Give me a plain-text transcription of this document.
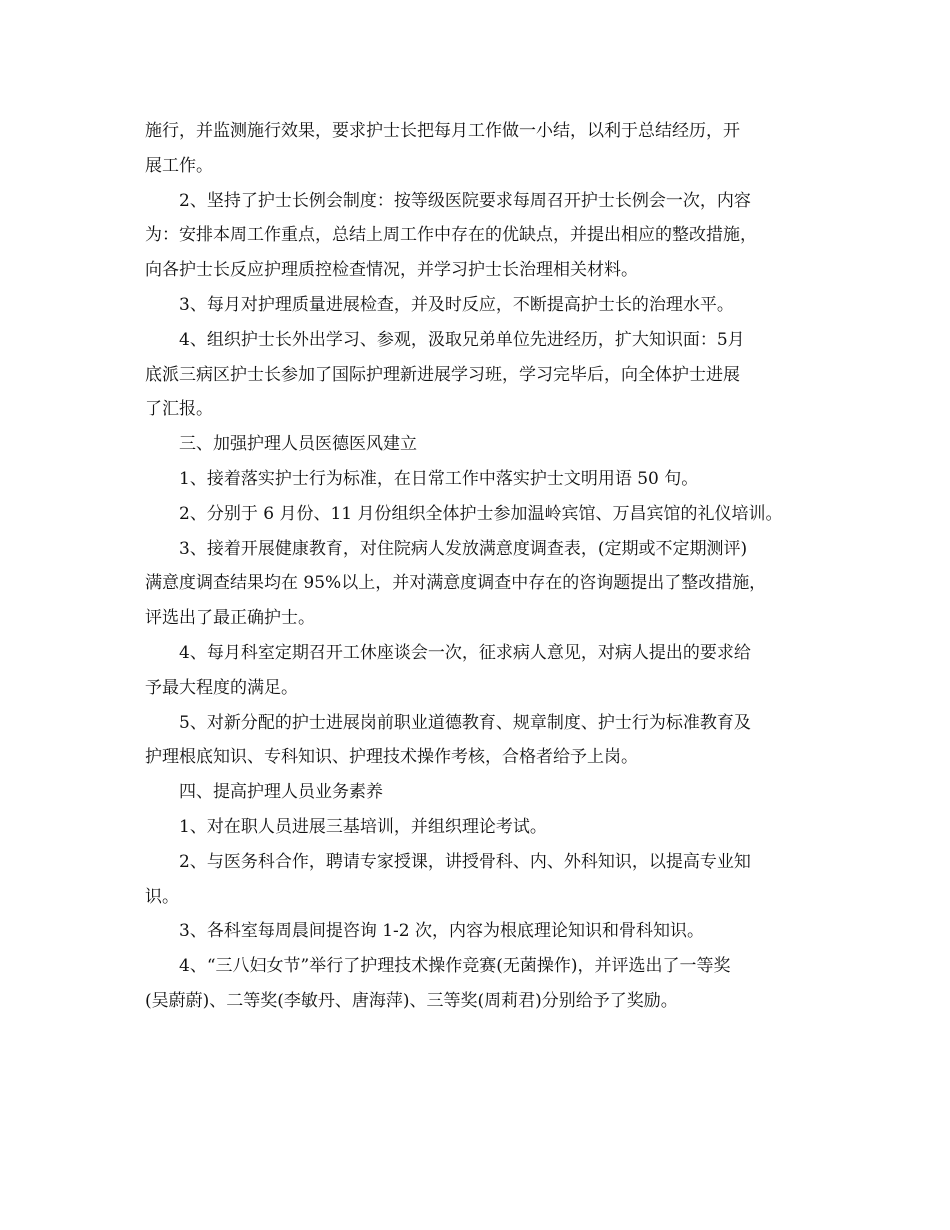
施行，并监测施行效果，要求护士长把每月工作做一小结，以利于总结经历，开
展工作。
2、坚持了护士长例会制度：按等级医院要求每周召开护士长例会一次，内容
为：安排本周工作重点，总结上周工作中存在的优缺点，并提出相应的整改措施，
向各护士长反应护理质控检查情况，并学习护士长治理相关材料。
3、每月对护理质量进展检查，并及时反应，不断提高护士长的治理水平。
4、组织护士长外出学习、参观，汲取兄弟单位先进经历，扩大知识面：5月
底派三病区护士长参加了国际护理新进展学习班，学习完毕后，向全体护士进展
了汇报。
三、加强护理人员医德医风建立
1、接着落实护士行为标准，在日常工作中落实护士文明用语 50 句。
2、分别于 6 月份、11 月份组织全体护士参加温岭宾馆、万昌宾馆的礼仪培训。
3、接着开展健康教育，对住院病人发放满意度调查表，(定期或不定期测评)
满意度调查结果均在 95%以上，并对满意度调查中存在的咨询题提出了整改措施，
评选出了最正确护士。
4、每月科室定期召开工休座谈会一次，征求病人意见，对病人提出的要求给
予最大程度的满足。
5、对新分配的护士进展岗前职业道德教育、规章制度、护士行为标准教育及
护理根底知识、专科知识、护理技术操作考核，合格者给予上岗。
四、提高护理人员业务素养
1、对在职人员进展三基培训，并组织理论考试。
2、与医务科合作，聘请专家授课，讲授骨科、内、外科知识，以提高专业知
识。
3、各科室每周晨间提咨询 1-2 次，内容为根底理论知识和骨科知识。
4、“三八妇女节”举行了护理技术操作竞赛(无菌操作)，并评选出了一等奖
(吴蔚蔚)、二等奖(李敏丹、唐海萍)、三等奖(周莉君)分别给予了奖励。
